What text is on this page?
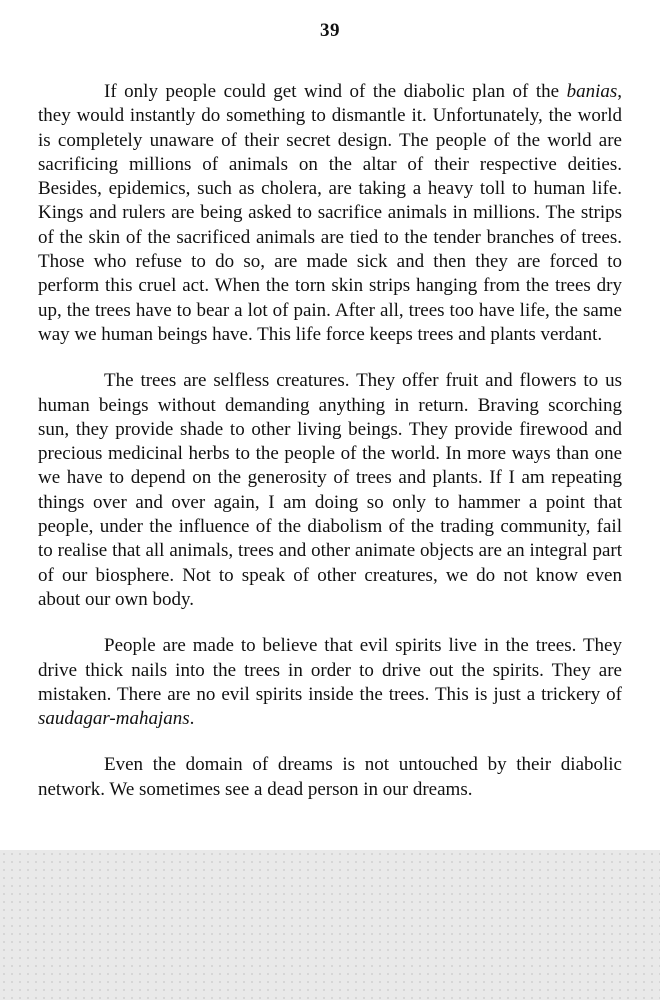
39

If only people could get wind of the diabolic plan of the banias, they would instantly do something to dismantle it. Unfortunately, the world is completely unaware of their secret design. The people of the world are sacrificing millions of animals on the altar of their respective deities. Besides, epidemics, such as cholera, are taking a heavy toll to human life. Kings and rulers are being asked to sacrifice animals in millions. The strips of the skin of the sacrificed animals are tied to the tender branches of trees. Those who refuse to do so, are made sick and then they are forced to perform this cruel act. When the torn skin strips hanging from the trees dry up, the trees have to bear a lot of pain. After all, trees too have life, the same way we human beings have. This life force keeps trees and plants verdant.

The trees are selfless creatures. They offer fruit and flowers to us human beings without demanding anything in return. Braving scorching sun, they provide shade to other living beings. They provide firewood and precious medicinal herbs to the people of the world. In more ways than one we have to depend on the generosity of trees and plants. If I am repeating things over and over again, I am doing so only to hammer a point that people, under the influence of the diabolism of the trading community, fail to realise that all animals, trees and other animate objects are an integral part of our biosphere. Not to speak of other creatures, we do not know even about our own body.

People are made to believe that evil spirits live in the trees. They drive thick nails into the trees in order to drive out the spirits. They are mistaken. There are no evil spirits inside the trees. This is just a trickery of saudagar-mahajans.

Even the domain of dreams is not untouched by their diabolic network. We sometimes see a dead person in our dreams.
